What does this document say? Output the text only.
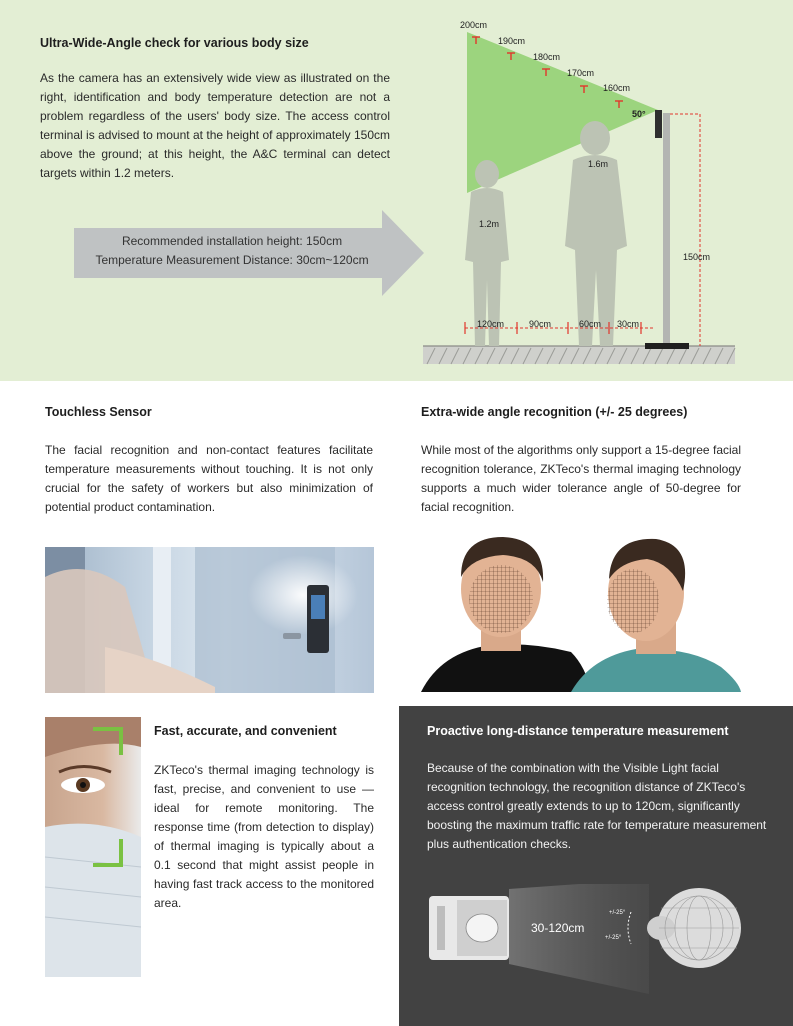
Ultra-Wide-Angle check for various body size
As the camera has an extensively wide view as illustrated on the right, identification and body temperature detection are not a problem regardless of the users' body size. The access control terminal is advised to mount at the height of approximately 150cm above the ground; at this height, the A&C terminal can detect targets within 1.2 meters.
Recommended installation height: 150cm
Temperature Measurement Distance: 30cm~120cm
200cm
190cm
180cm
170cm
160cm
50°
1.2m
1.6m
150cm
120cm	90cm	60cm 30cm
Touchless Sensor
The facial recognition and non-contact features facilitate temperature measurements without touching. It is not only crucial for the safety of workers but also minimization of potential product contamination.
Extra-wide angle recognition (+/- 25 degrees)
While most of the algorithms only support a 15-degree facial recognition tolerance, ZKTeco's thermal imaging technology supports a much wider tolerance angle of 50-degree for facial recognition.
Fast, accurate, and convenient
ZKTeco's thermal imaging technology is fast, precise, and convenient to use — ideal for remote monitoring. The response time (from detection to display) of thermal imaging is typically about a 0.1 second that might assist people in having fast track access to the monitored area.
Proactive long-distance temperature measurement
Because of the combination with the Visible Light facial recognition technology, the recognition distance of ZKTeco's access control greatly extends to up to 120cm, significantly boosting the maximum traffic rate for temperature measurement plus authentication checks.
30-120cm
+/-25°
+/-25°
